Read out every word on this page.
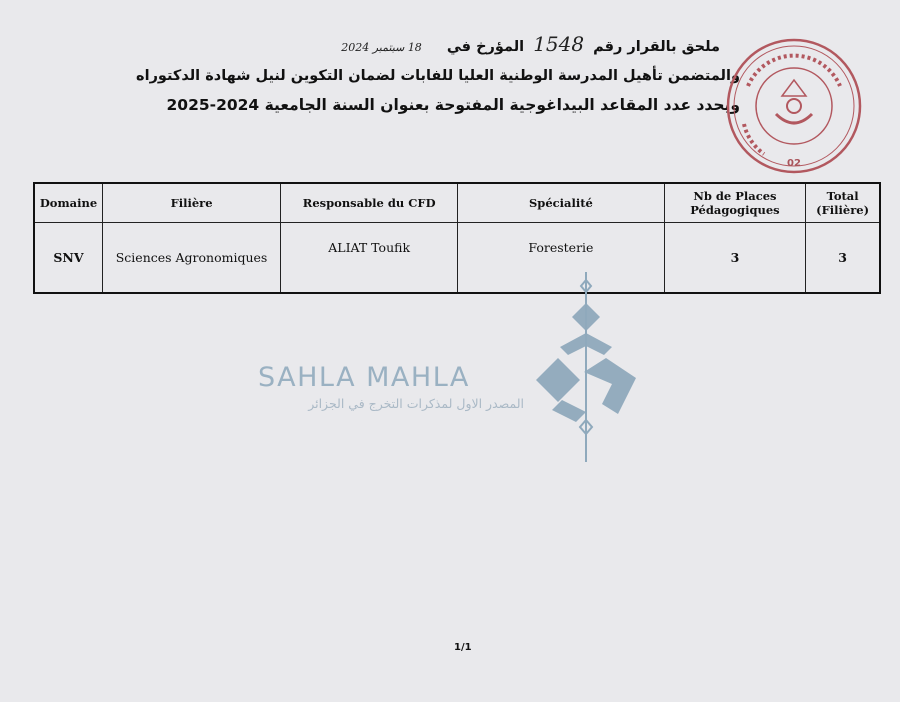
ملحق بالقرار رقم 1548 المؤرخ في 18 سبتمبر 2024
والمتضمن تأهيل المدرسة الوطنية العليا للفابات لضمان التكوين لنيل شهادة الدكتوراه
ويحدد عدد المقاعد البيداغوجية المفتوحة بعنوان السنة الجامعية 2024-2025
02
Domaine	Filière	Responsable du CFD	Spécialité	Nb de Places Pédagogiques	Total (Filière)
SNV	Sciences Agronomiques	ALIAT Toufik	Foresterie	3	3
SAHLA MAHLA
المصدر الاول لمذكرات التخرج في الجزائر
1/1
